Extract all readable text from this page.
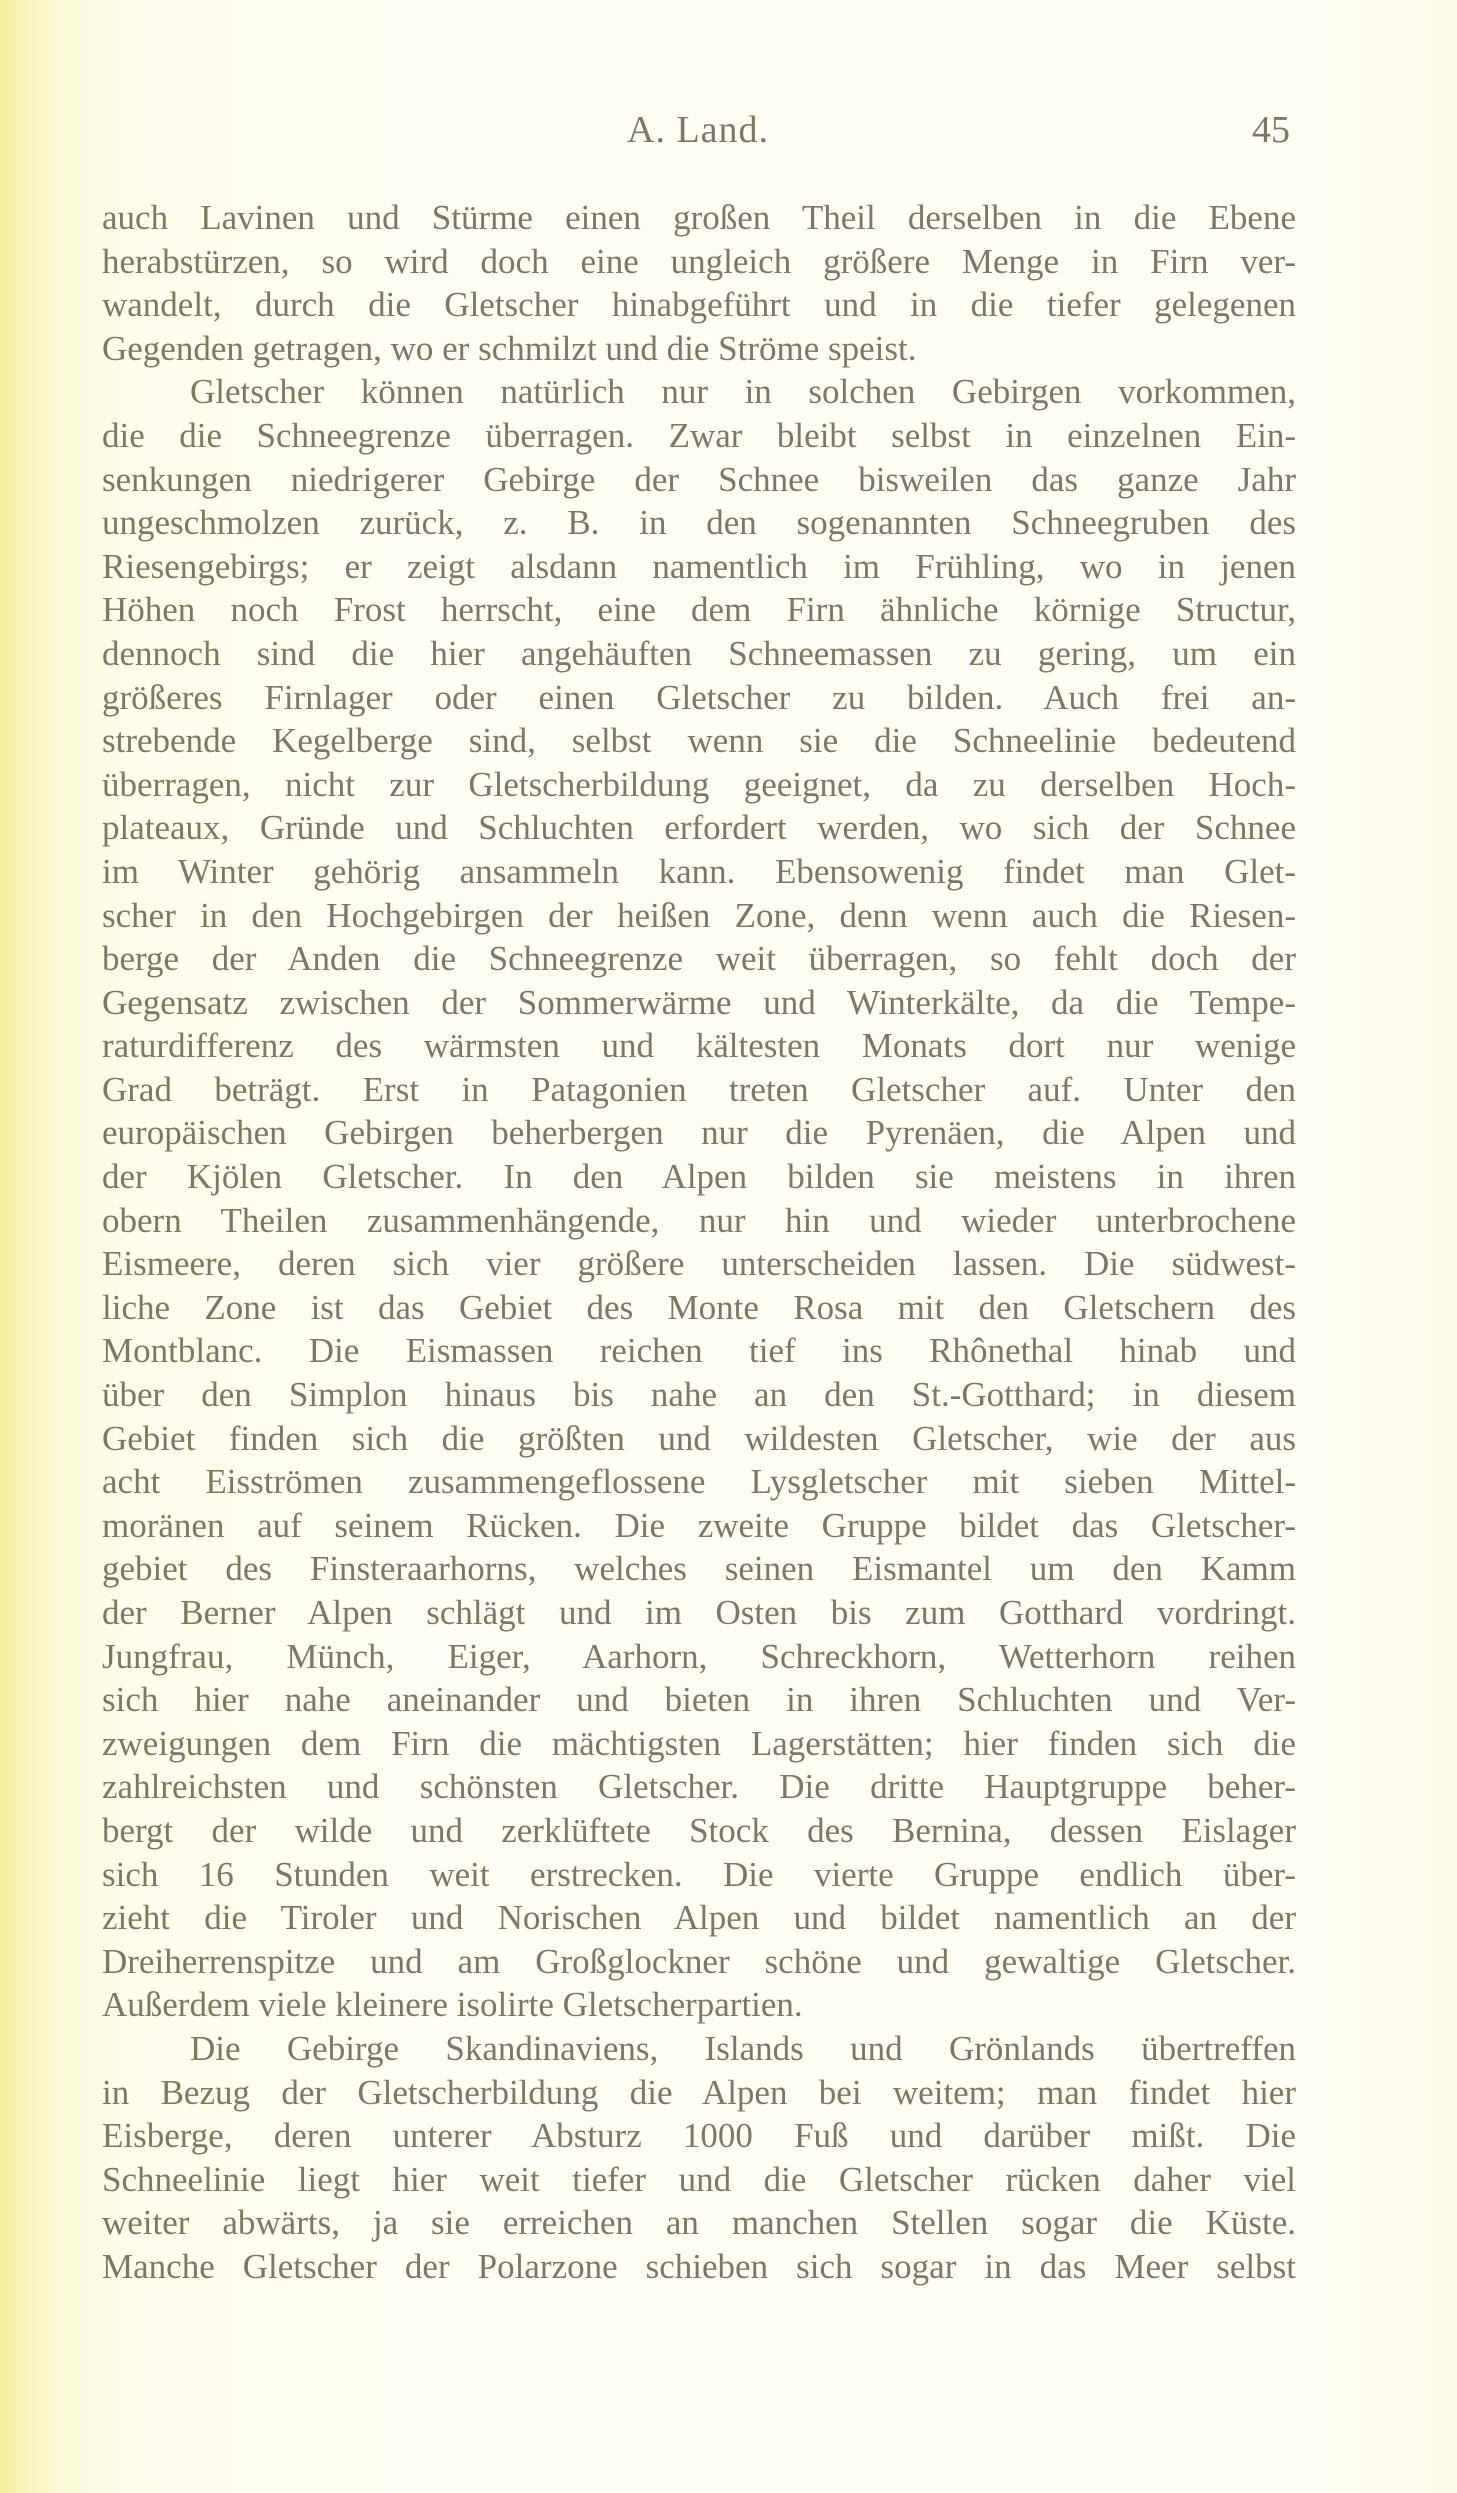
A. Land.	45
auch Lavinen und Stürme einen großen Theil derselben in die Ebene
herabstürzen, so wird doch eine ungleich größere Menge in Firn ver-
wandelt, durch die Gletscher hinabgeführt und in die tiefer gelegenen
Gegenden getragen, wo er schmilzt und die Ströme speist.
Gletscher können natürlich nur in solchen Gebirgen vorkommen,
die die Schneegrenze überragen. Zwar bleibt selbst in einzelnen Ein-
senkungen niedrigerer Gebirge der Schnee bisweilen das ganze Jahr
ungeschmolzen zurück, z. B. in den sogenannten Schneegruben des
Riesengebirgs; er zeigt alsdann namentlich im Frühling, wo in jenen
Höhen noch Frost herrscht, eine dem Firn ähnliche körnige Structur,
dennoch sind die hier angehäuften Schneemassen zu gering, um ein
größeres Firnlager oder einen Gletscher zu bilden. Auch frei an-
strebende Kegelberge sind, selbst wenn sie die Schneelinie bedeutend
überragen, nicht zur Gletscherbildung geeignet, da zu derselben Hoch-
plateaux, Gründe und Schluchten erfordert werden, wo sich der Schnee
im Winter gehörig ansammeln kann. Ebensowenig findet man Glet-
scher in den Hochgebirgen der heißen Zone, denn wenn auch die Riesen-
berge der Anden die Schneegrenze weit überragen, so fehlt doch der
Gegensatz zwischen der Sommerwärme und Winterkälte, da die Tempe-
raturdifferenz des wärmsten und kältesten Monats dort nur wenige
Grad beträgt. Erst in Patagonien treten Gletscher auf. Unter den
europäischen Gebirgen beherbergen nur die Pyrenäen, die Alpen und
der Kjölen Gletscher. In den Alpen bilden sie meistens in ihren
obern Theilen zusammenhängende, nur hin und wieder unterbrochene
Eismeere, deren sich vier größere unterscheiden lassen. Die südwest-
liche Zone ist das Gebiet des Monte Rosa mit den Gletschern des
Montblanc. Die Eismassen reichen tief ins Rhônethal hinab und
über den Simplon hinaus bis nahe an den St.-Gotthard; in diesem
Gebiet finden sich die größten und wildesten Gletscher, wie der aus
acht Eisströmen zusammengeflossene Lysgletscher mit sieben Mittel-
moränen auf seinem Rücken. Die zweite Gruppe bildet das Gletscher-
gebiet des Finsteraarhorns, welches seinen Eismantel um den Kamm
der Berner Alpen schlägt und im Osten bis zum Gotthard vordringt.
Jungfrau, Münch, Eiger, Aarhorn, Schreckhorn, Wetterhorn reihen
sich hier nahe aneinander und bieten in ihren Schluchten und Ver-
zweigungen dem Firn die mächtigsten Lagerstätten; hier finden sich die
zahlreichsten und schönsten Gletscher. Die dritte Hauptgruppe beher-
bergt der wilde und zerklüftete Stock des Bernina, dessen Eislager
sich 16 Stunden weit erstrecken. Die vierte Gruppe endlich über-
zieht die Tiroler und Norischen Alpen und bildet namentlich an der
Dreiherrenspitze und am Großglockner schöne und gewaltige Gletscher.
Außerdem viele kleinere isolirte Gletscherpartien.
Die Gebirge Skandinaviens, Islands und Grönlands übertreffen
in Bezug der Gletscherbildung die Alpen bei weitem; man findet hier
Eisberge, deren unterer Absturz 1000 Fuß und darüber mißt. Die
Schneelinie liegt hier weit tiefer und die Gletscher rücken daher viel
weiter abwärts, ja sie erreichen an manchen Stellen sogar die Küste.
Manche Gletscher der Polarzone schieben sich sogar in das Meer selbst
